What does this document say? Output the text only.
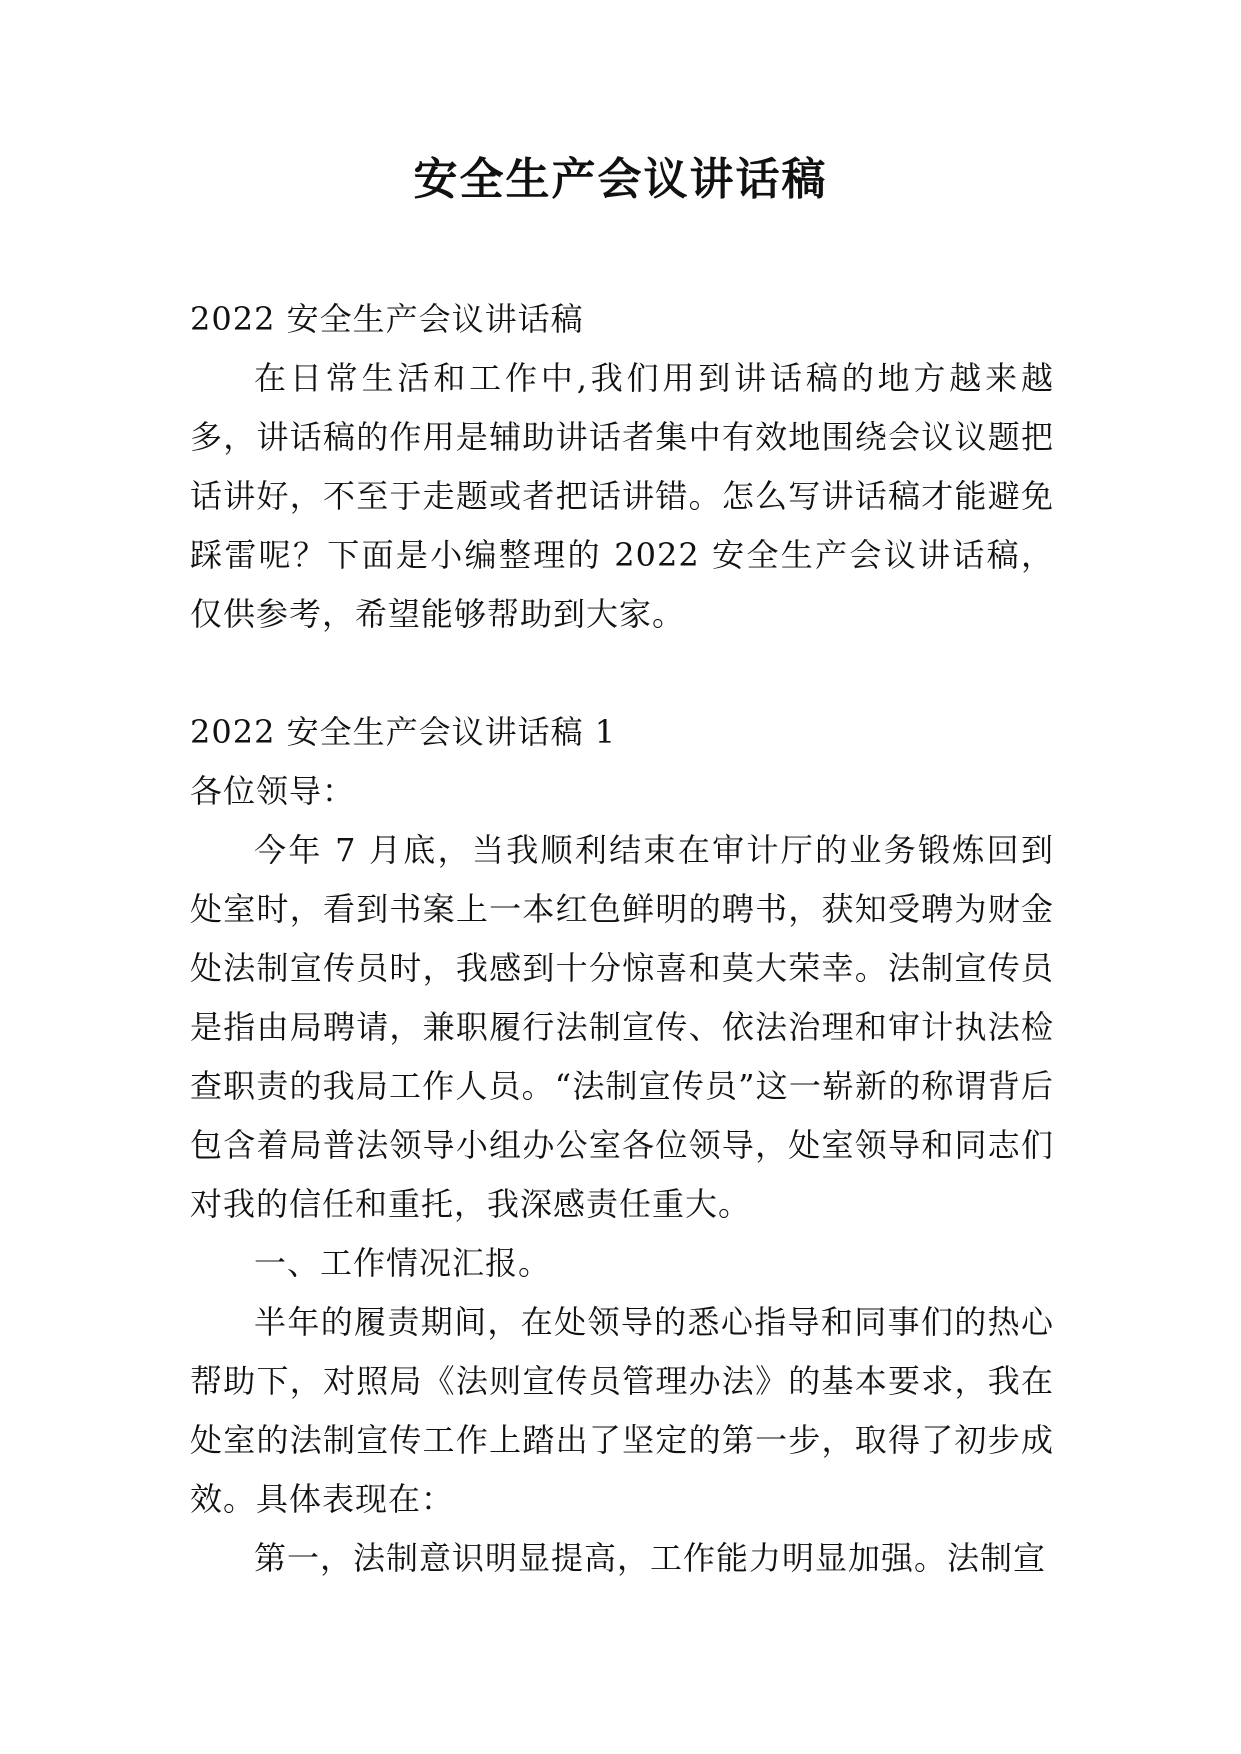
安全生产会议讲话稿

2022 安全生产会议讲话稿

在日常生活和工作中,我们用到讲话稿的地方越来越多，讲话稿的作用是辅助讲话者集中有效地围绕会议议题把话讲好，不至于走题或者把话讲错。怎么写讲话稿才能避免踩雷呢？下面是小编整理的 2022 安全生产会议讲话稿，仅供参考，希望能够帮助到大家。

2022 安全生产会议讲话稿 1

各位领导：

今年 7 月底，当我顺利结束在审计厅的业务锻炼回到处室时，看到书案上一本红色鲜明的聘书，获知受聘为财金处法制宣传员时，我感到十分惊喜和莫大荣幸。法制宣传员是指由局聘请，兼职履行法制宣传、依法治理和审计执法检查职责的我局工作人员。“法制宣传员”这一崭新的称谓背后包含着局普法领导小组办公室各位领导，处室领导和同志们对我的信任和重托，我深感责任重大。

一、工作情况汇报。

半年的履责期间，在处领导的悉心指导和同事们的热心帮助下，对照局《法则宣传员管理办法》的基本要求，我在处室的法制宣传工作上踏出了坚定的第一步，取得了初步成效。具体表现在：

第一，法制意识明显提高，工作能力明显加强。法制宣
